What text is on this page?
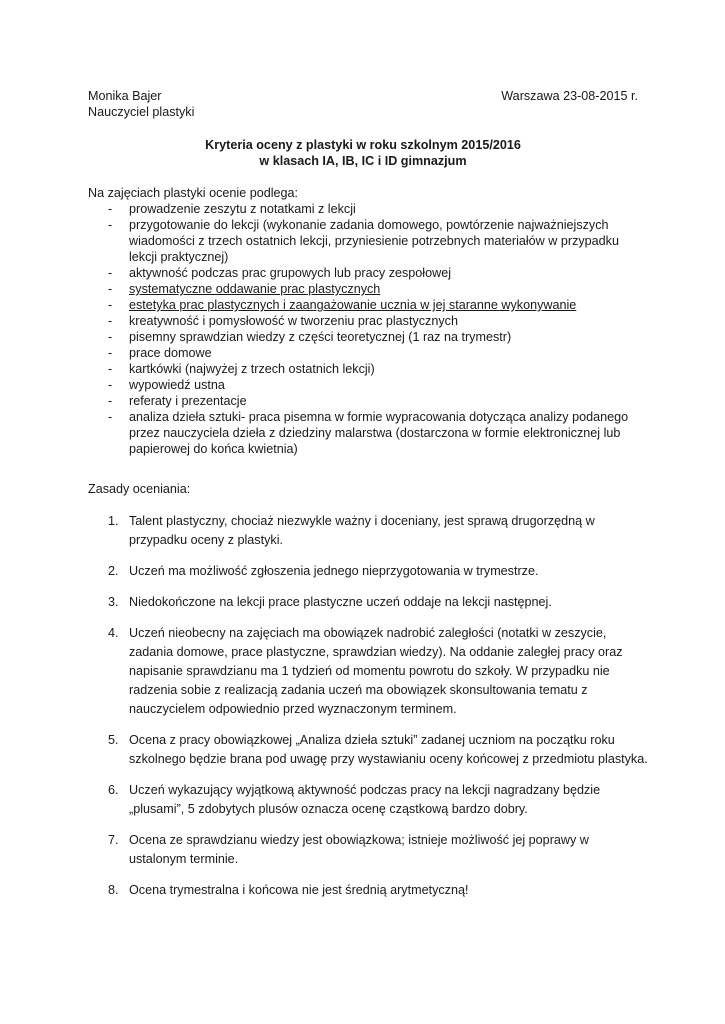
Monika Bajer
Nauczyciel plastyki
Warszawa 23-08-2015 r.
Kryteria oceny z plastyki w roku szkolnym 2015/2016
w klasach IA, IB, IC i ID gimnazjum
Na zajęciach plastyki ocenie podlega:
- prowadzenie zeszytu z notatkami z lekcji
- przygotowanie do lekcji (wykonanie zadania domowego, powtórzenie najważniejszych wiadomości z trzech ostatnich lekcji, przyniesienie potrzebnych materiałów w przypadku lekcji praktycznej)
- aktywność podczas prac grupowych lub pracy zespołowej
- systematyczne oddawanie prac plastycznych
- estetyka prac plastycznych i zaangażowanie ucznia w jej staranne wykonywanie
- kreatywność i pomysłowość w tworzeniu prac plastycznych
- pisemny sprawdzian wiedzy z części teoretycznej (1 raz na trymestr)
- prace domowe
- kartkówki (najwyżej z trzech ostatnich lekcji)
- wypowiedź ustna
- referaty i prezentacje
- analiza dzieła sztuki- praca pisemna w formie wypracowania dotycząca analizy podanego przez nauczyciela dzieła z dziedziny malarstwa (dostarczona w formie elektronicznej lub papierowej do końca kwietnia)
Zasady oceniania:
1. Talent plastyczny, chociaż niezwykle ważny i doceniany, jest sprawą drugorzędną w przypadku oceny z plastyki.
2. Uczeń ma możliwość zgłoszenia jednego nieprzygotowania w trymestrze.
3. Niedokończone na lekcji prace plastyczne uczeń oddaje na lekcji następnej.
4. Uczeń nieobecny na zajęciach ma obowiązek nadrobić zaległości (notatki w zeszycie, zadania domowe, prace plastyczne, sprawdzian wiedzy). Na oddanie zaległej pracy oraz napisanie sprawdzianu ma 1 tydzień od momentu powrotu do szkoły. W przypadku nie radzenia sobie z realizacją zadania uczeń ma obowiązek skonsultowania tematu z nauczycielem odpowiednio przed wyznaczonym terminem.
5. Ocena z pracy obowiązkowej „Analiza dzieła sztuki” zadanej uczniom na początku roku szkolnego będzie brana pod uwagę przy wystawianiu oceny końcowej z przedmiotu plastyka.
6. Uczeń wykazujący wyjątkową aktywność podczas pracy na lekcji nagradzany będzie „plusami”, 5 zdobytych plusów oznacza ocenę cząstkową bardzo dobry.
7. Ocena ze sprawdzianu wiedzy jest obowiązkowa; istnieje możliwość jej poprawy w ustalonym terminie.
8. Ocena trymestralna i końcowa nie jest średnią arytmetyczną!
